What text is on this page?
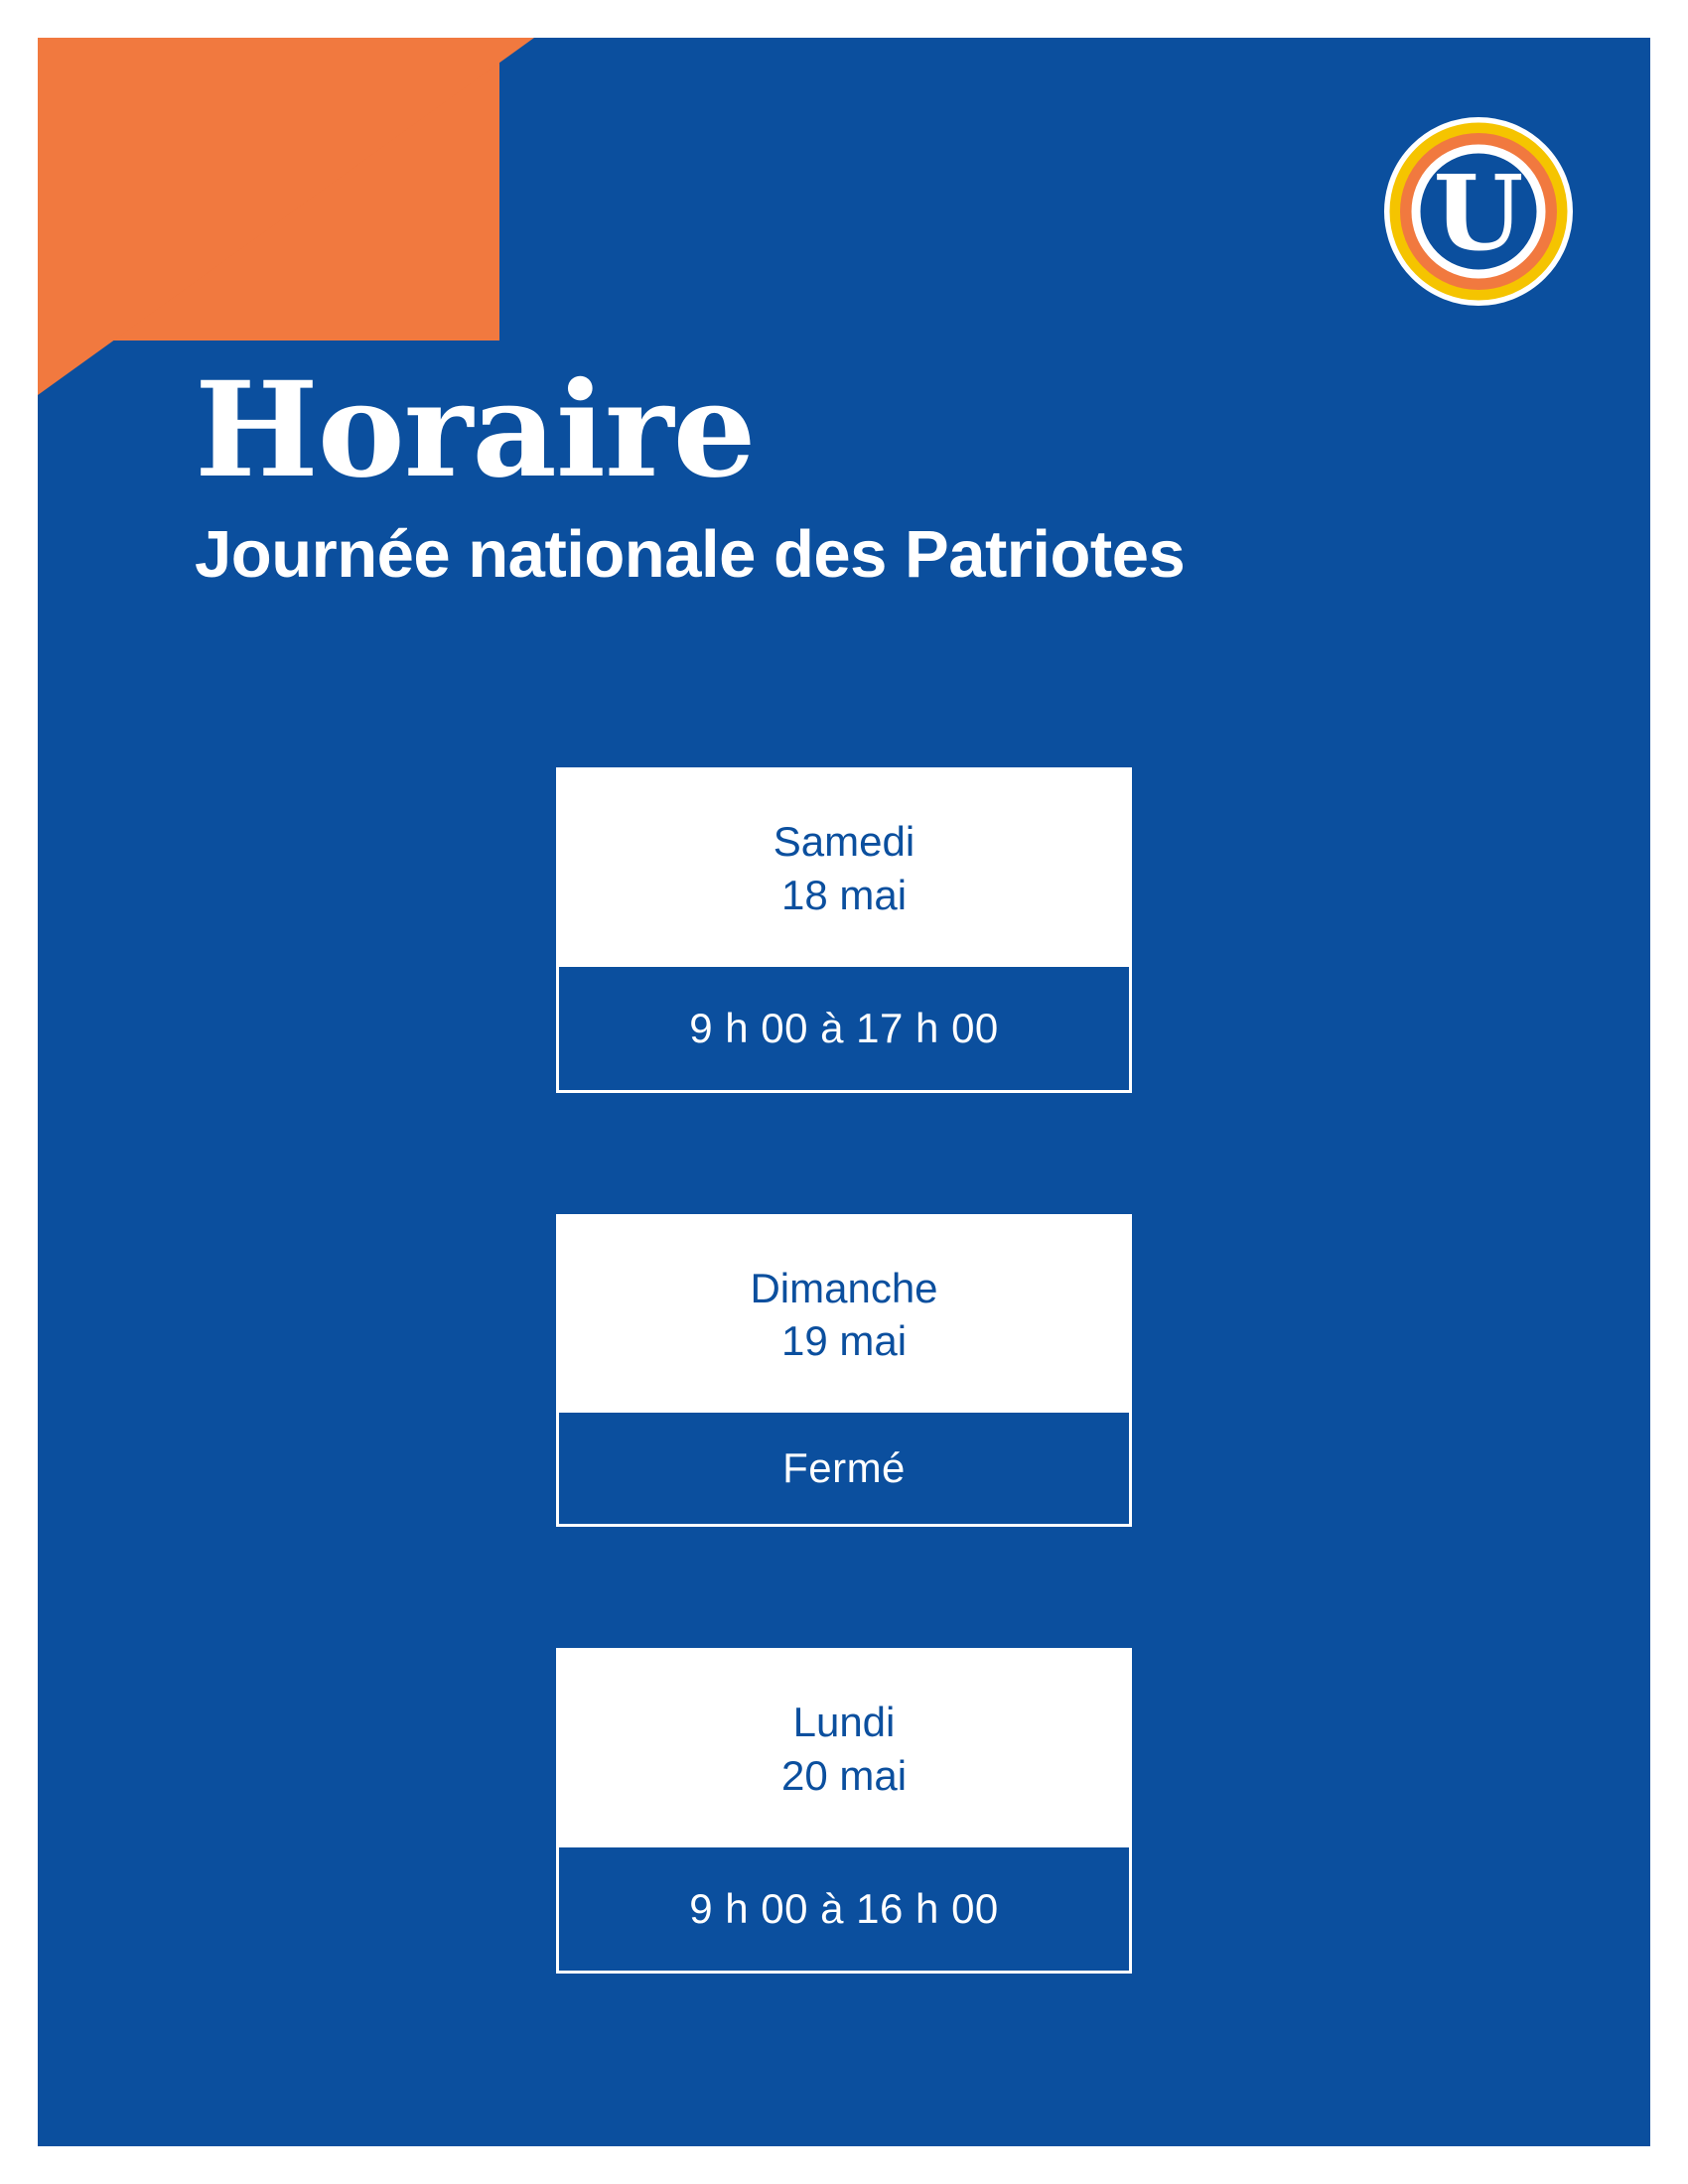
U
Horaire
Journée nationale des Patriotes
Samedi
18 mai
9 h 00 à 17 h 00
Dimanche
19 mai
Fermé
Lundi
20 mai
9 h 00 à 16 h 00
